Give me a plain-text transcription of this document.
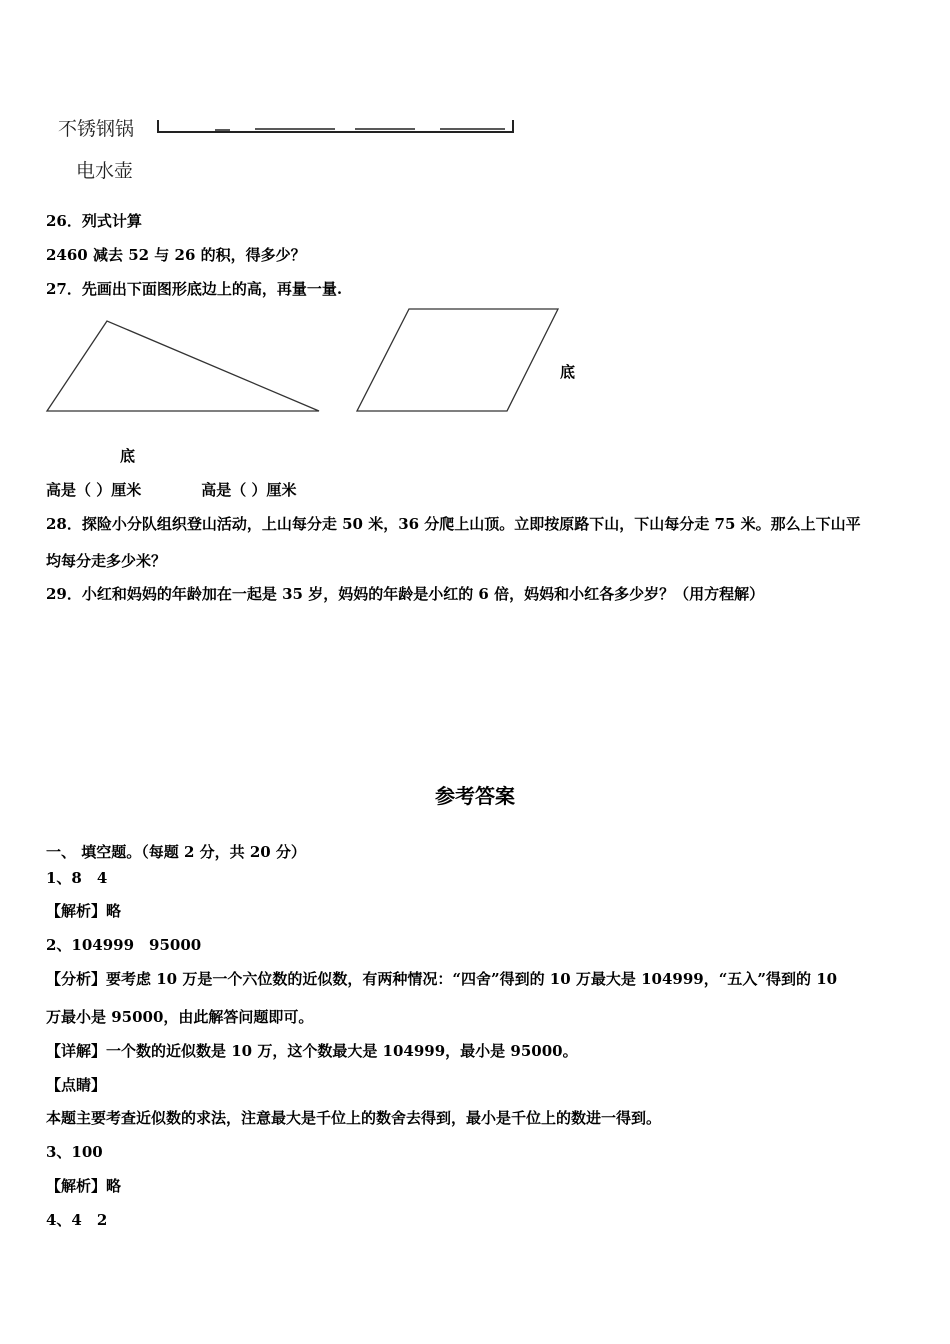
不锈钢锅
电水壶
26．列式计算
2460 减去 52 与 26 的积，得多少？
27．先画出下面图形底边上的高，再量一量.
底
底
高是（ ）厘米　　　　高是（ ）厘米
28．探险小分队组织登山活动，上山每分走 50 米，36 分爬上山顶。立即按原路下山，下山每分走 75 米。那么上下山平
均每分走多少米？
29．小红和妈妈的年龄加在一起是 35 岁，妈妈的年龄是小红的 6 倍，妈妈和小红各多少岁？（用方程解）
参考答案
一、 填空题。（每题 2 分，共 20 分）
1、8　4
【解析】略
2、104999　95000
【分析】要考虑 10 万是一个六位数的近似数，有两种情况：“四舍”得到的 10 万最大是 104999，“五入”得到的 10
万最小是 95000，由此解答问题即可。
【详解】一个数的近似数是 10 万，这个数最大是 104999，最小是 95000。
【点睛】
本题主要考查近似数的求法，注意最大是千位上的数舍去得到，最小是千位上的数进一得到。
3、100
【解析】略
4、4　2
